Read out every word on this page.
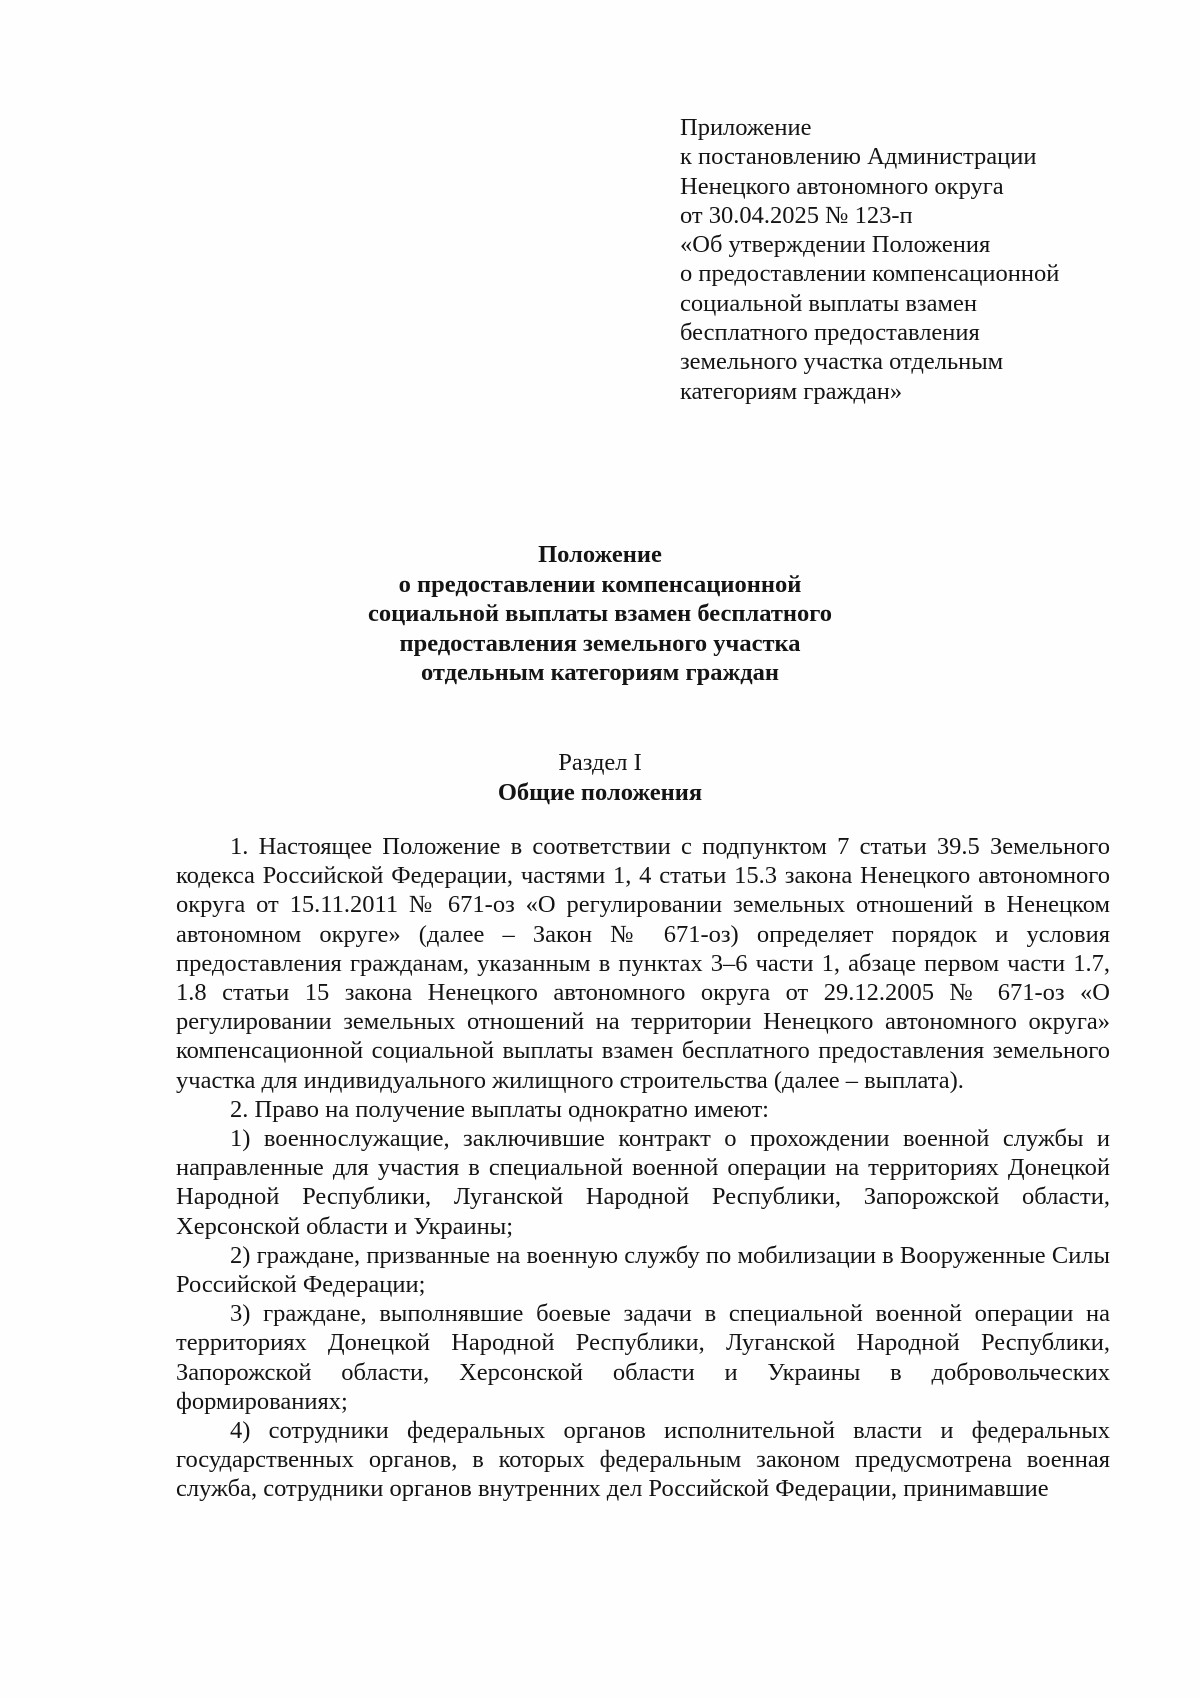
Приложение
к постановлению Администрации
Ненецкого автономного округа
от 30.04.2025 № 123-п
«Об утверждении Положения
о предоставлении компенсационной
социальной выплаты взамен
бесплатного предоставления
земельного участка отдельным
категориям граждан»
Положение
о предоставлении компенсационной
социальной выплаты взамен бесплатного
предоставления земельного участка
отдельным категориям граждан
Раздел I
Общие положения

1. Настоящее Положение в соответствии с подпунктом 7 статьи 39.5 Земельного кодекса Российской Федерации, частями 1, 4 статьи 15.3 закона Ненецкого автономного округа от 15.11.2011 № 671-оз «О регулировании земельных отношений в Ненецком автономном округе» (далее – Закон № 671-оз) определяет порядок и условия предоставления гражданам, указанным в пунктах 3–6 части 1, абзаце первом части 1.7, 1.8 статьи 15 закона Ненецкого автономного округа от 29.12.2005 № 671-оз «О регулировании земельных отношений на территории Ненецкого автономного округа» компенсационной социальной выплаты взамен бесплатного предоставления земельного участка для индивидуального жилищного строительства (далее – выплата).

2. Право на получение выплаты однократно имеют:

1) военнослужащие, заключившие контракт о прохождении военной службы и направленные для участия в специальной военной операции на территориях Донецкой Народной Республики, Луганской Народной Республики, Запорожской области, Херсонской области и Украины;

2) граждане, призванные на военную службу по мобилизации в Вооруженные Силы Российской Федерации;

3) граждане, выполнявшие боевые задачи в специальной военной операции на территориях Донецкой Народной Республики, Луганской Народной Республики, Запорожской области, Херсонской области и Украины в добровольческих формированиях;

4) сотрудники федеральных органов исполнительной власти и федеральных государственных органов, в которых федеральным законом предусмотрена военная служба, сотрудники органов внутренних дел Российской Федерации, принимавшие
